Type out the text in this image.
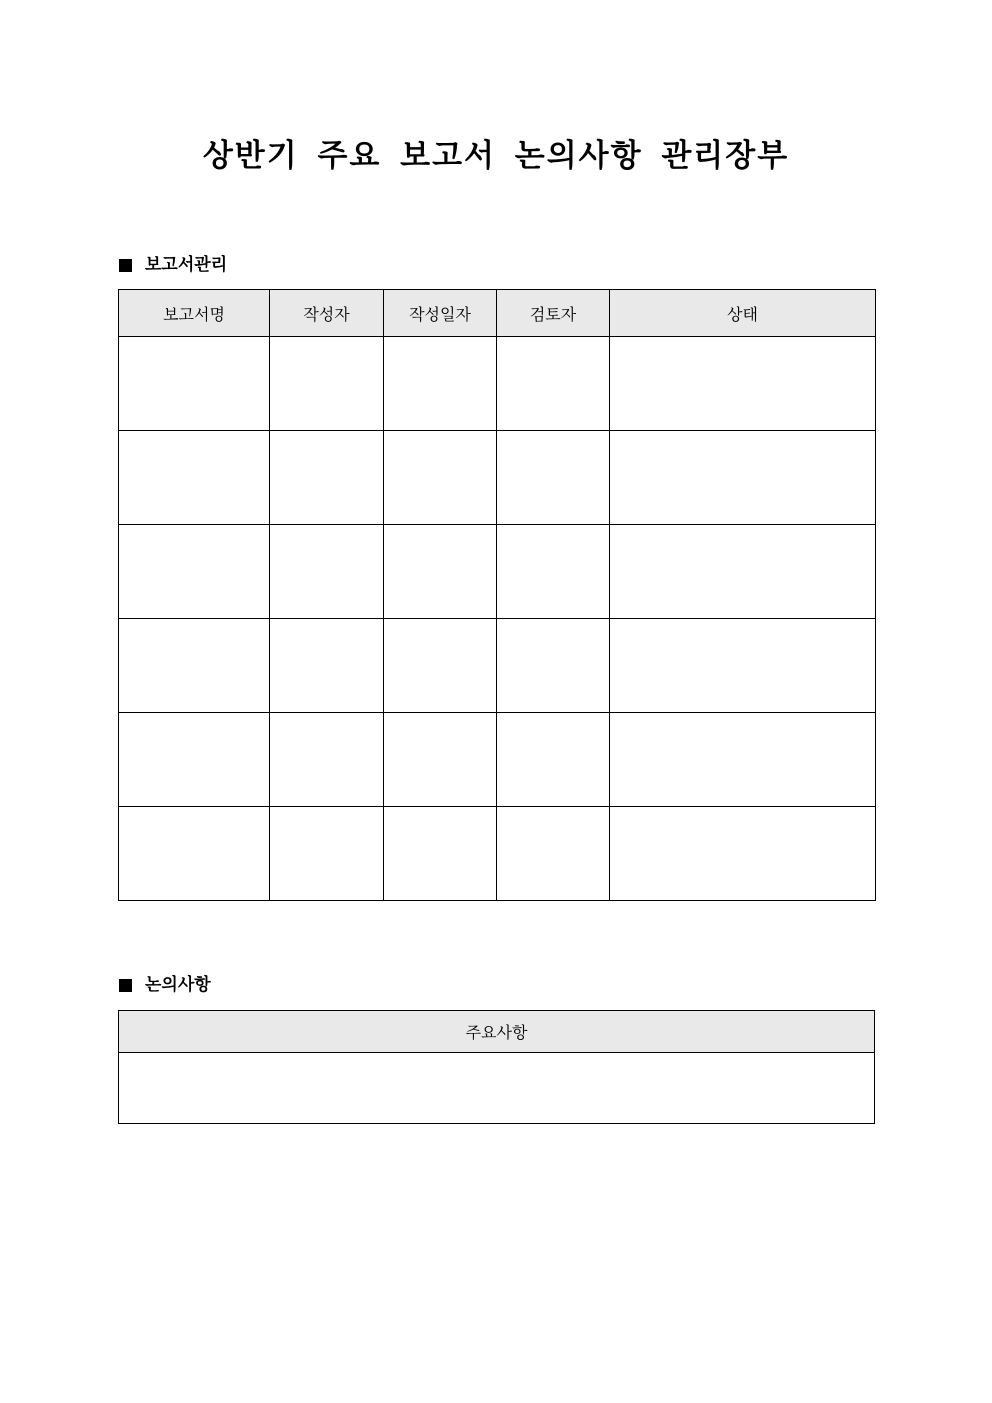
상반기 주요 보고서 논의사항 관리장부
보고서관리
보고서명	작성자	작성일자	검토자	상태

논의사항
주요사항
